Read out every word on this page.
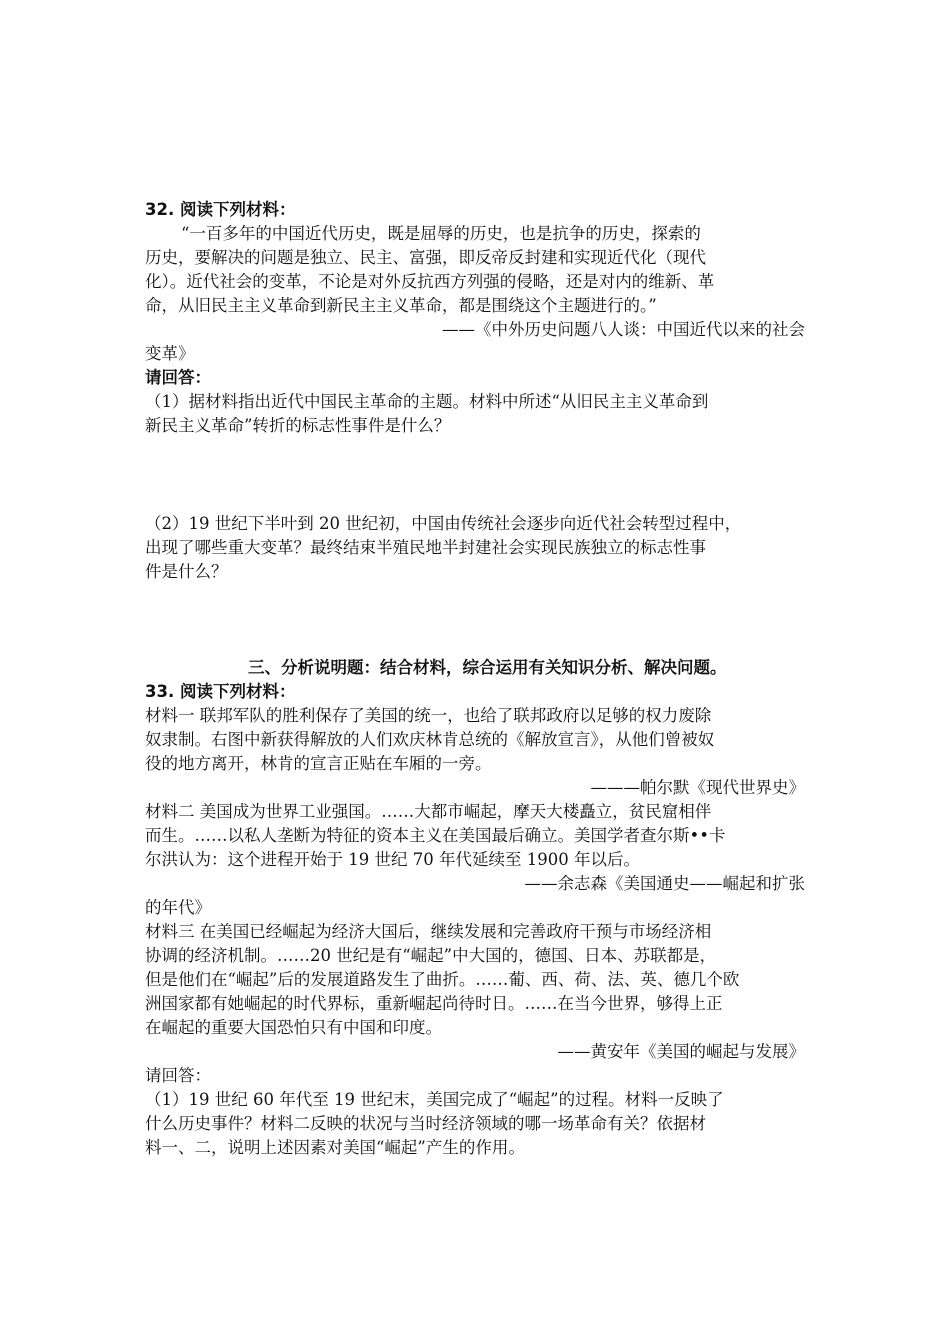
32. 阅读下列材料：
“一百多年的中国近代历史，既是屈辱的历史，也是抗争的历史，探索的
历史，要解决的问题是独立、民主、富强，即反帝反封建和实现近代化（现代
化）。近代社会的变革，不论是对外反抗西方列强的侵略，还是对内的维新、革
命，从旧民主主义革命到新民主主义革命，都是围绕这个主题进行的。”
——《中外历史问题八人谈：中国近代以来的社会
变革》
请回答：
（1）据材料指出近代中国民主革命的主题。材料中所述“从旧民主主义革命到
新民主义革命”转折的标志性事件是什么？
（2）19 世纪下半叶到 20 世纪初，中国由传统社会逐步向近代社会转型过程中，
出现了哪些重大变革？最终结束半殖民地半封建社会实现民族独立的标志性事
件是什么？
三、分析说明题：结合材料，综合运用有关知识分析、解决问题。
33. 阅读下列材料：
材料一 联邦军队的胜利保存了美国的统一，也给了联邦政府以足够的权力废除
奴隶制。右图中新获得解放的人们欢庆林肯总统的《解放宣言》，从他们曾被奴
役的地方离开，林肯的宣言正贴在车厢的一旁。
———帕尔默《现代世界史》
材料二 美国成为世界工业强国。……大都市崛起，摩天大楼矗立，贫民窟相伴
而生。……以私人垄断为特征的资本主义在美国最后确立。美国学者查尔斯••卡
尔洪认为：这个进程开始于 19 世纪 70 年代延续至 1900 年以后。
——余志森《美国通史——崛起和扩张
的年代》
材料三 在美国已经崛起为经济大国后，继续发展和完善政府干预与市场经济相
协调的经济机制。……20 世纪是有“崛起”中大国的，德国、日本、苏联都是，
但是他们在“崛起”后的发展道路发生了曲折。……葡、西、荷、法、英、德几个欧
洲国家都有她崛起的时代界标，重新崛起尚待时日。……在当今世界，够得上正
在崛起的重要大国恐怕只有中国和印度。
——黄安年《美国的崛起与发展》
请回答：
（1）19 世纪 60 年代至 19 世纪末，美国完成了“崛起”的过程。材料一反映了
什么历史事件？材料二反映的状况与当时经济领域的哪一场革命有关？依据材
料一、二，说明上述因素对美国“崛起”产生的作用。
